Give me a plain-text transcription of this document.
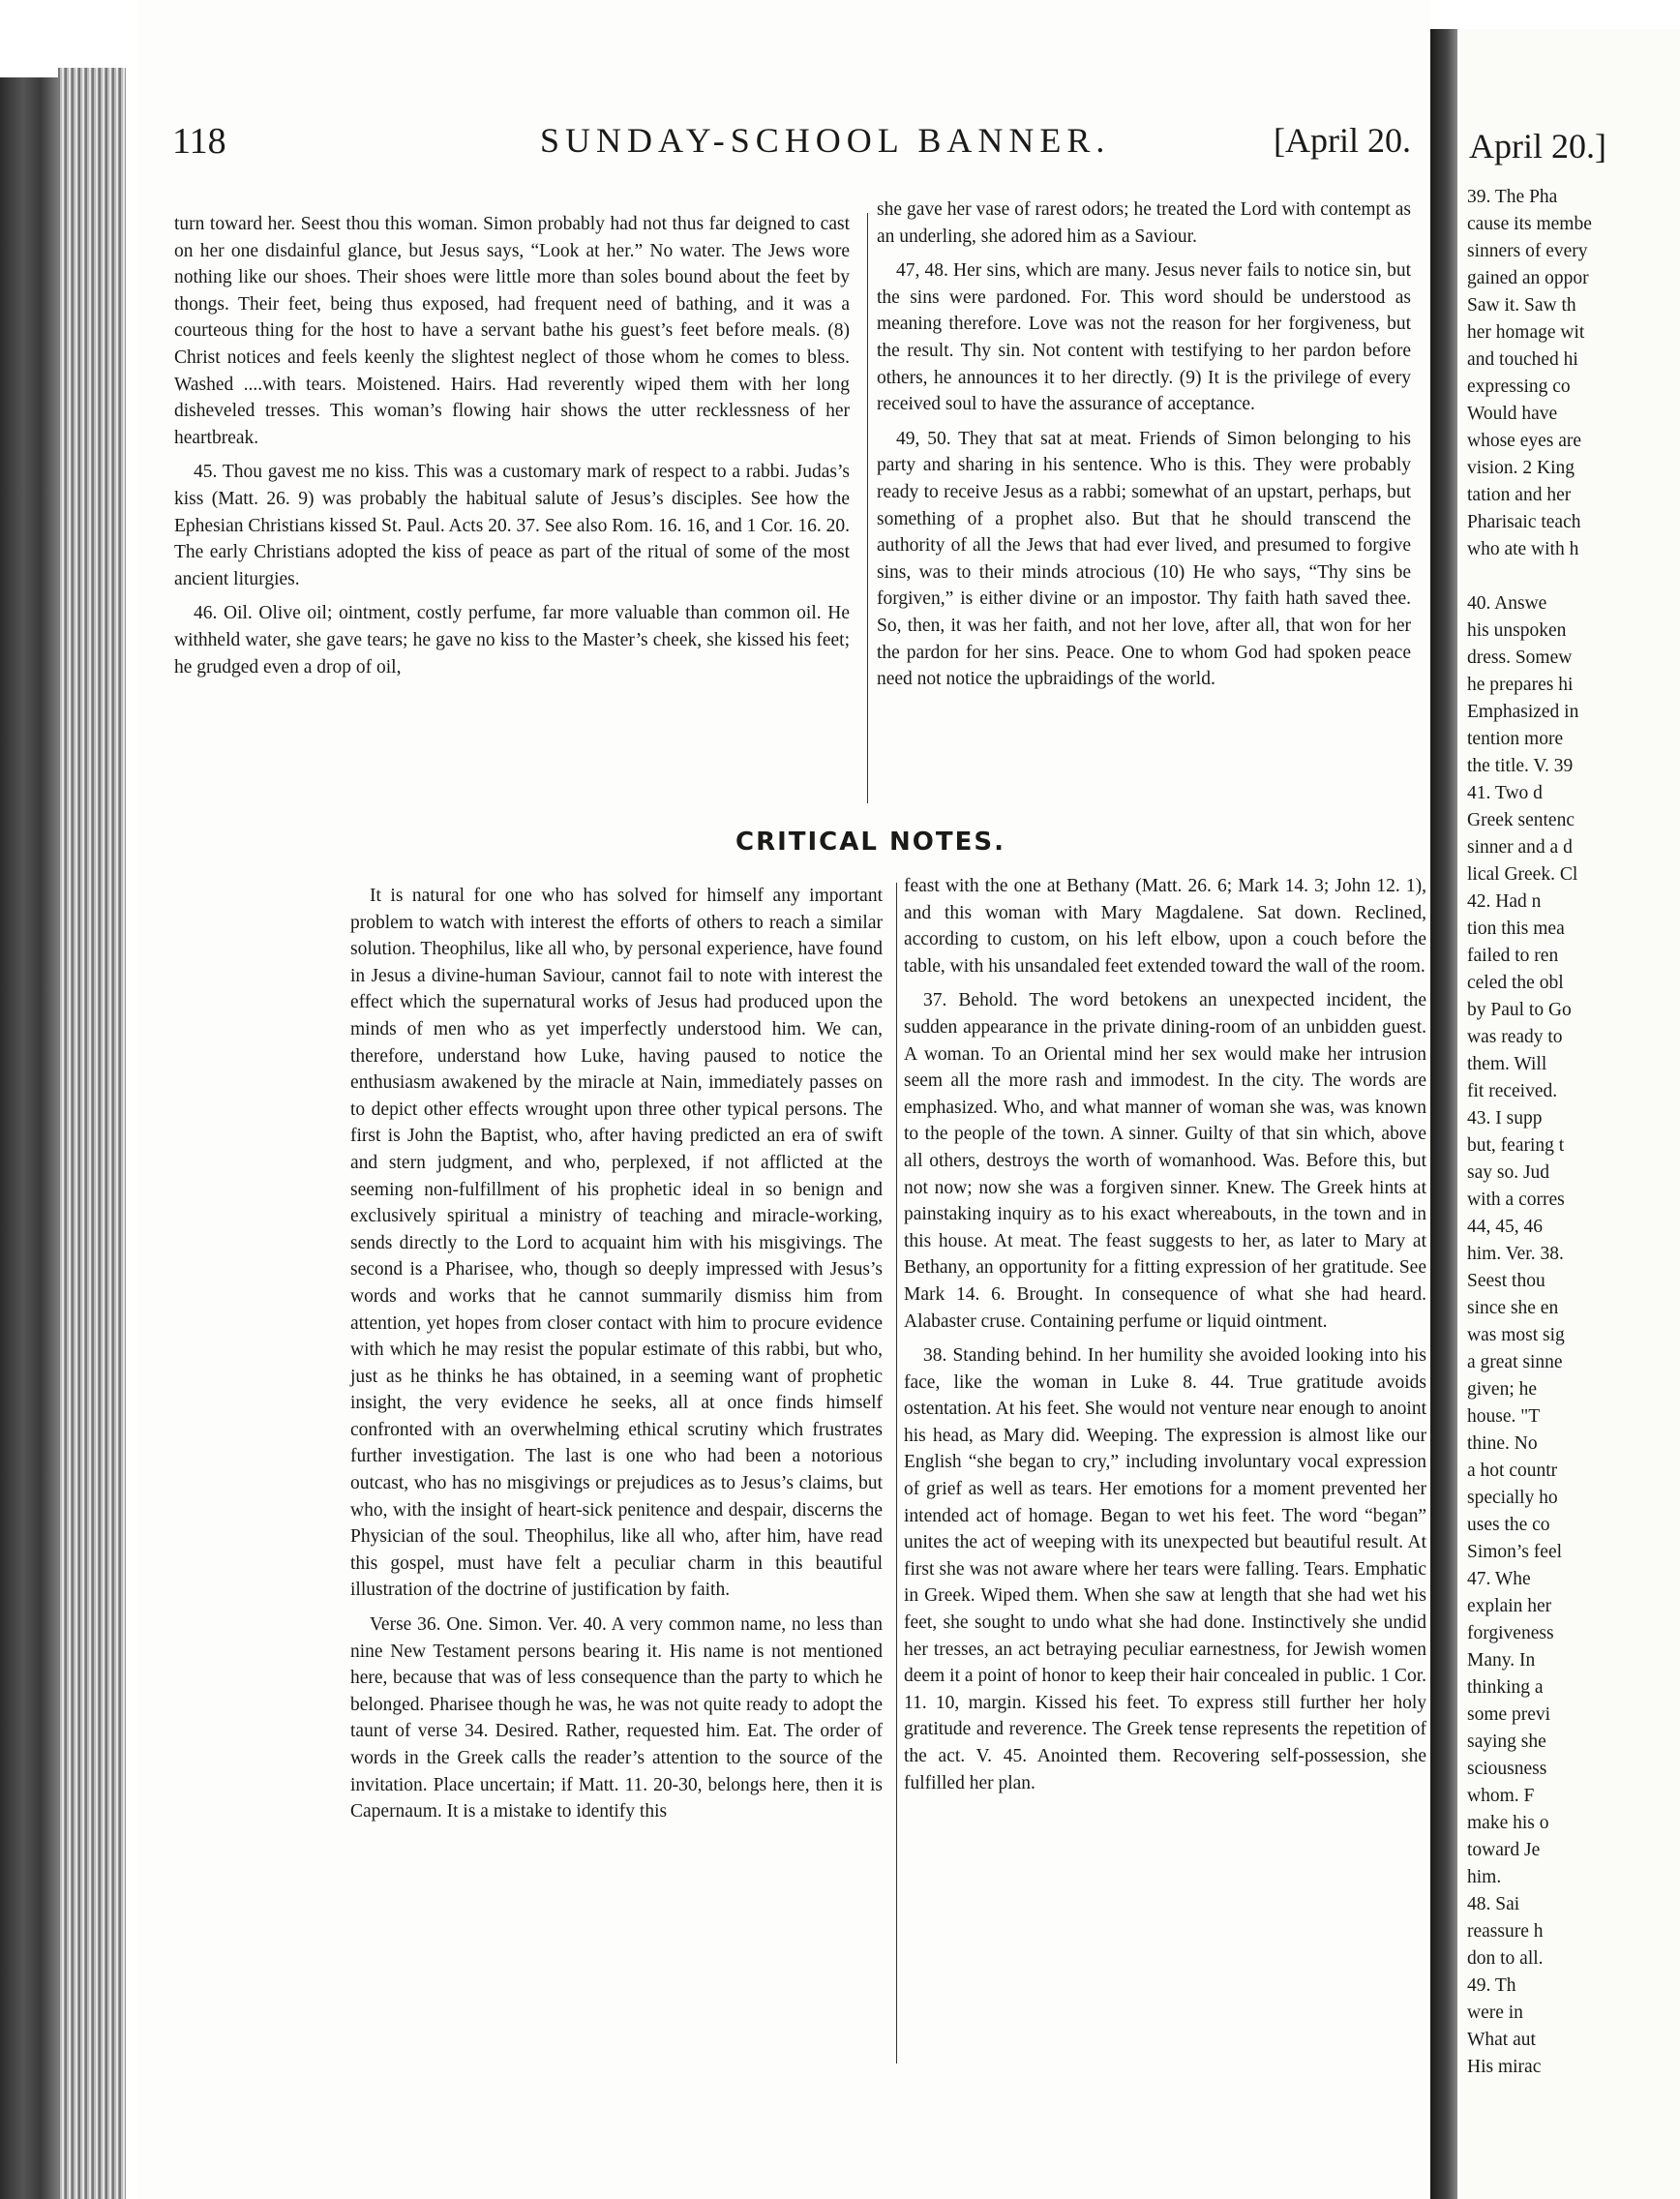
118	SUNDAY-SCHOOL BANNER.	[April 20.

turn toward her. Seest thou this woman. Simon probably had not thus far deigned to cast on her one disdainful glance, but Jesus says, “Look at her.” No water. The Jews wore nothing like our shoes. Their shoes were little more than soles bound about the feet by thongs. Their feet, being thus exposed, had frequent need of bathing, and it was a courteous thing for the host to have a servant bathe his guest’s feet before meals. (8) Christ notices and feels keenly the slightest neglect of those whom he comes to bless. Washed ....with tears. Moistened. Hairs. Had reverently wiped them with her long disheveled tresses. This woman’s flowing hair shows the utter recklessness of her heartbreak.

45. Thou gavest me no kiss. This was a customary mark of respect to a rabbi. Judas’s kiss (Matt. 26. 9) was probably the habitual salute of Jesus’s disciples. See how the Ephesian Christians kissed St. Paul. Acts 20. 37. See also Rom. 16. 16, and 1 Cor. 16. 20. The early Christians adopted the kiss of peace as part of the ritual of some of the most ancient liturgies.

46. Oil. Olive oil; ointment, costly perfume, far more valuable than common oil. He withheld water, she gave tears; he gave no kiss to the Master’s cheek, she kissed his feet; he grudged even a drop of oil,

she gave her vase of rarest odors; he treated the Lord with contempt as an underling, she adored him as a Saviour.

47, 48. Her sins, which are many. Jesus never fails to notice sin, but the sins were pardoned. For. This word should be understood as meaning therefore. Love was not the reason for her forgiveness, but the result. Thy sin. Not content with testifying to her pardon before others, he announces it to her directly. (9) It is the privilege of every received soul to have the assurance of acceptance.

49, 50. They that sat at meat. Friends of Simon belonging to his party and sharing in his sentence. Who is this. They were probably ready to receive Jesus as a rabbi; somewhat of an upstart, perhaps, but something of a prophet also. But that he should transcend the authority of all the Jews that had ever lived, and presumed to forgive sins, was to their minds atrocious (10) He who says, “Thy sins be forgiven,” is either divine or an impostor. Thy faith hath saved thee. So, then, it was her faith, and not her love, after all, that won for her the pardon for her sins. Peace. One to whom God had spoken peace need not notice the upbraidings of the world.

CRITICAL NOTES.

It is natural for one who has solved for himself any important problem to watch with interest the efforts of others to reach a similar solution. Theophilus, like all who, by personal experience, have found in Jesus a divine-human Saviour, cannot fail to note with interest the effect which the supernatural works of Jesus had produced upon the minds of men who as yet imperfectly understood him. We can, therefore, understand how Luke, having paused to notice the enthusiasm awakened by the miracle at Nain, immediately passes on to depict other effects wrought upon three other typical persons. The first is John the Baptist, who, after having predicted an era of swift and stern judgment, and who, perplexed, if not afflicted at the seeming non-fulfillment of his prophetic ideal in so benign and exclusively spiritual a ministry of teaching and miracle-working, sends directly to the Lord to acquaint him with his misgivings. The second is a Pharisee, who, though so deeply impressed with Jesus’s words and works that he cannot summarily dismiss him from attention, yet hopes from closer contact with him to procure evidence with which he may resist the popular estimate of this rabbi, but who, just as he thinks he has obtained, in a seeming want of prophetic insight, the very evidence he seeks, all at once finds himself confronted with an overwhelming ethical scrutiny which frustrates further investigation. The last is one who had been a notorious outcast, who has no misgivings or prejudices as to Jesus’s claims, but who, with the insight of heart-sick penitence and despair, discerns the Physician of the soul. Theophilus, like all who, after him, have read this gospel, must have felt a peculiar charm in this beautiful illustration of the doctrine of justification by faith.

Verse 36. One. Simon. Ver. 40. A very common name, no less than nine New Testament persons bearing it. His name is not mentioned here, because that was of less consequence than the party to which he belonged. Pharisee though he was, he was not quite ready to adopt the taunt of verse 34. Desired. Rather, requested him. Eat. The order of words in the Greek calls the reader’s attention to the source of the invitation. Place uncertain; if Matt. 11. 20-30, belongs here, then it is Capernaum. It is a mistake to identify this

feast with the one at Bethany (Matt. 26. 6; Mark 14. 3; John 12. 1), and this woman with Mary Magdalene. Sat down. Reclined, according to custom, on his left elbow, upon a couch before the table, with his unsandaled feet extended toward the wall of the room.

37. Behold. The word betokens an unexpected incident, the sudden appearance in the private dining-room of an unbidden guest. A woman. To an Oriental mind her sex would make her intrusion seem all the more rash and immodest. In the city. The words are emphasized. Who, and what manner of woman she was, was known to the people of the town. A sinner. Guilty of that sin which, above all others, destroys the worth of womanhood. Was. Before this, but not now; now she was a forgiven sinner. Knew. The Greek hints at painstaking inquiry as to his exact whereabouts, in the town and in this house. At meat. The feast suggests to her, as later to Mary at Bethany, an opportunity for a fitting expression of her gratitude. See Mark 14. 6. Brought. In consequence of what she had heard. Alabaster cruse. Containing perfume or liquid ointment.

38. Standing behind. In her humility she avoided looking into his face, like the woman in Luke 8. 44. True gratitude avoids ostentation. At his feet. She would not venture near enough to anoint his head, as Mary did. Weeping. The expression is almost like our English “she began to cry,” including involuntary vocal expression of grief as well as tears. Her emotions for a moment prevented her intended act of homage. Began to wet his feet. The word “began” unites the act of weeping with its unexpected but beautiful result. At first she was not aware where her tears were falling. Tears. Emphatic in Greek. Wiped them. When she saw at length that she had wet his feet, she sought to undo what she had done. Instinctively she undid her tresses, an act betraying peculiar earnestness, for Jewish women deem it a point of honor to keep their hair concealed in public. 1 Cor. 11. 10, margin. Kissed his feet. To express still further her holy gratitude and reverence. The Greek tense represents the repetition of the act. V. 45. Anointed them. Recovering self-possession, she fulfilled her plan.

April 20.]
39. The Pha
cause its membe
sinners of every
gained an oppor
Saw it. Saw th
her homage wit
and touched hi
expressing co
Would have
whose eyes are
vision. 2 King
tation and her
Pharisaic teach
who ate with h
40. Answe
his unspoken
dress. Somew
he prepares hi
Emphasized in
tention more
the title. V. 39
41. Two d
Greek sentenc
sinner and a d
lical Greek. Cl
42. Had n
tion this mea
failed to ren
celed the obl
by Paul to Go
was ready to
them. Will
fit received.
43. I supp
but, fearing t
say so. Jud
with a corres
44, 45, 46
him. Ver. 38.
Seest thou
since she en
was most sig
a great sinne
given; he
house. "T
thine. No
a hot countr
specially ho
uses the co
Simon’s feel
47. Whe
explain her
forgiveness
Many. In
thinking a
some previ
saying she
sciousness
whom. F
make his o
toward Je
him.
48. Sai
reassure h
don to all.
49. Th
were in
What aut
His mirac
